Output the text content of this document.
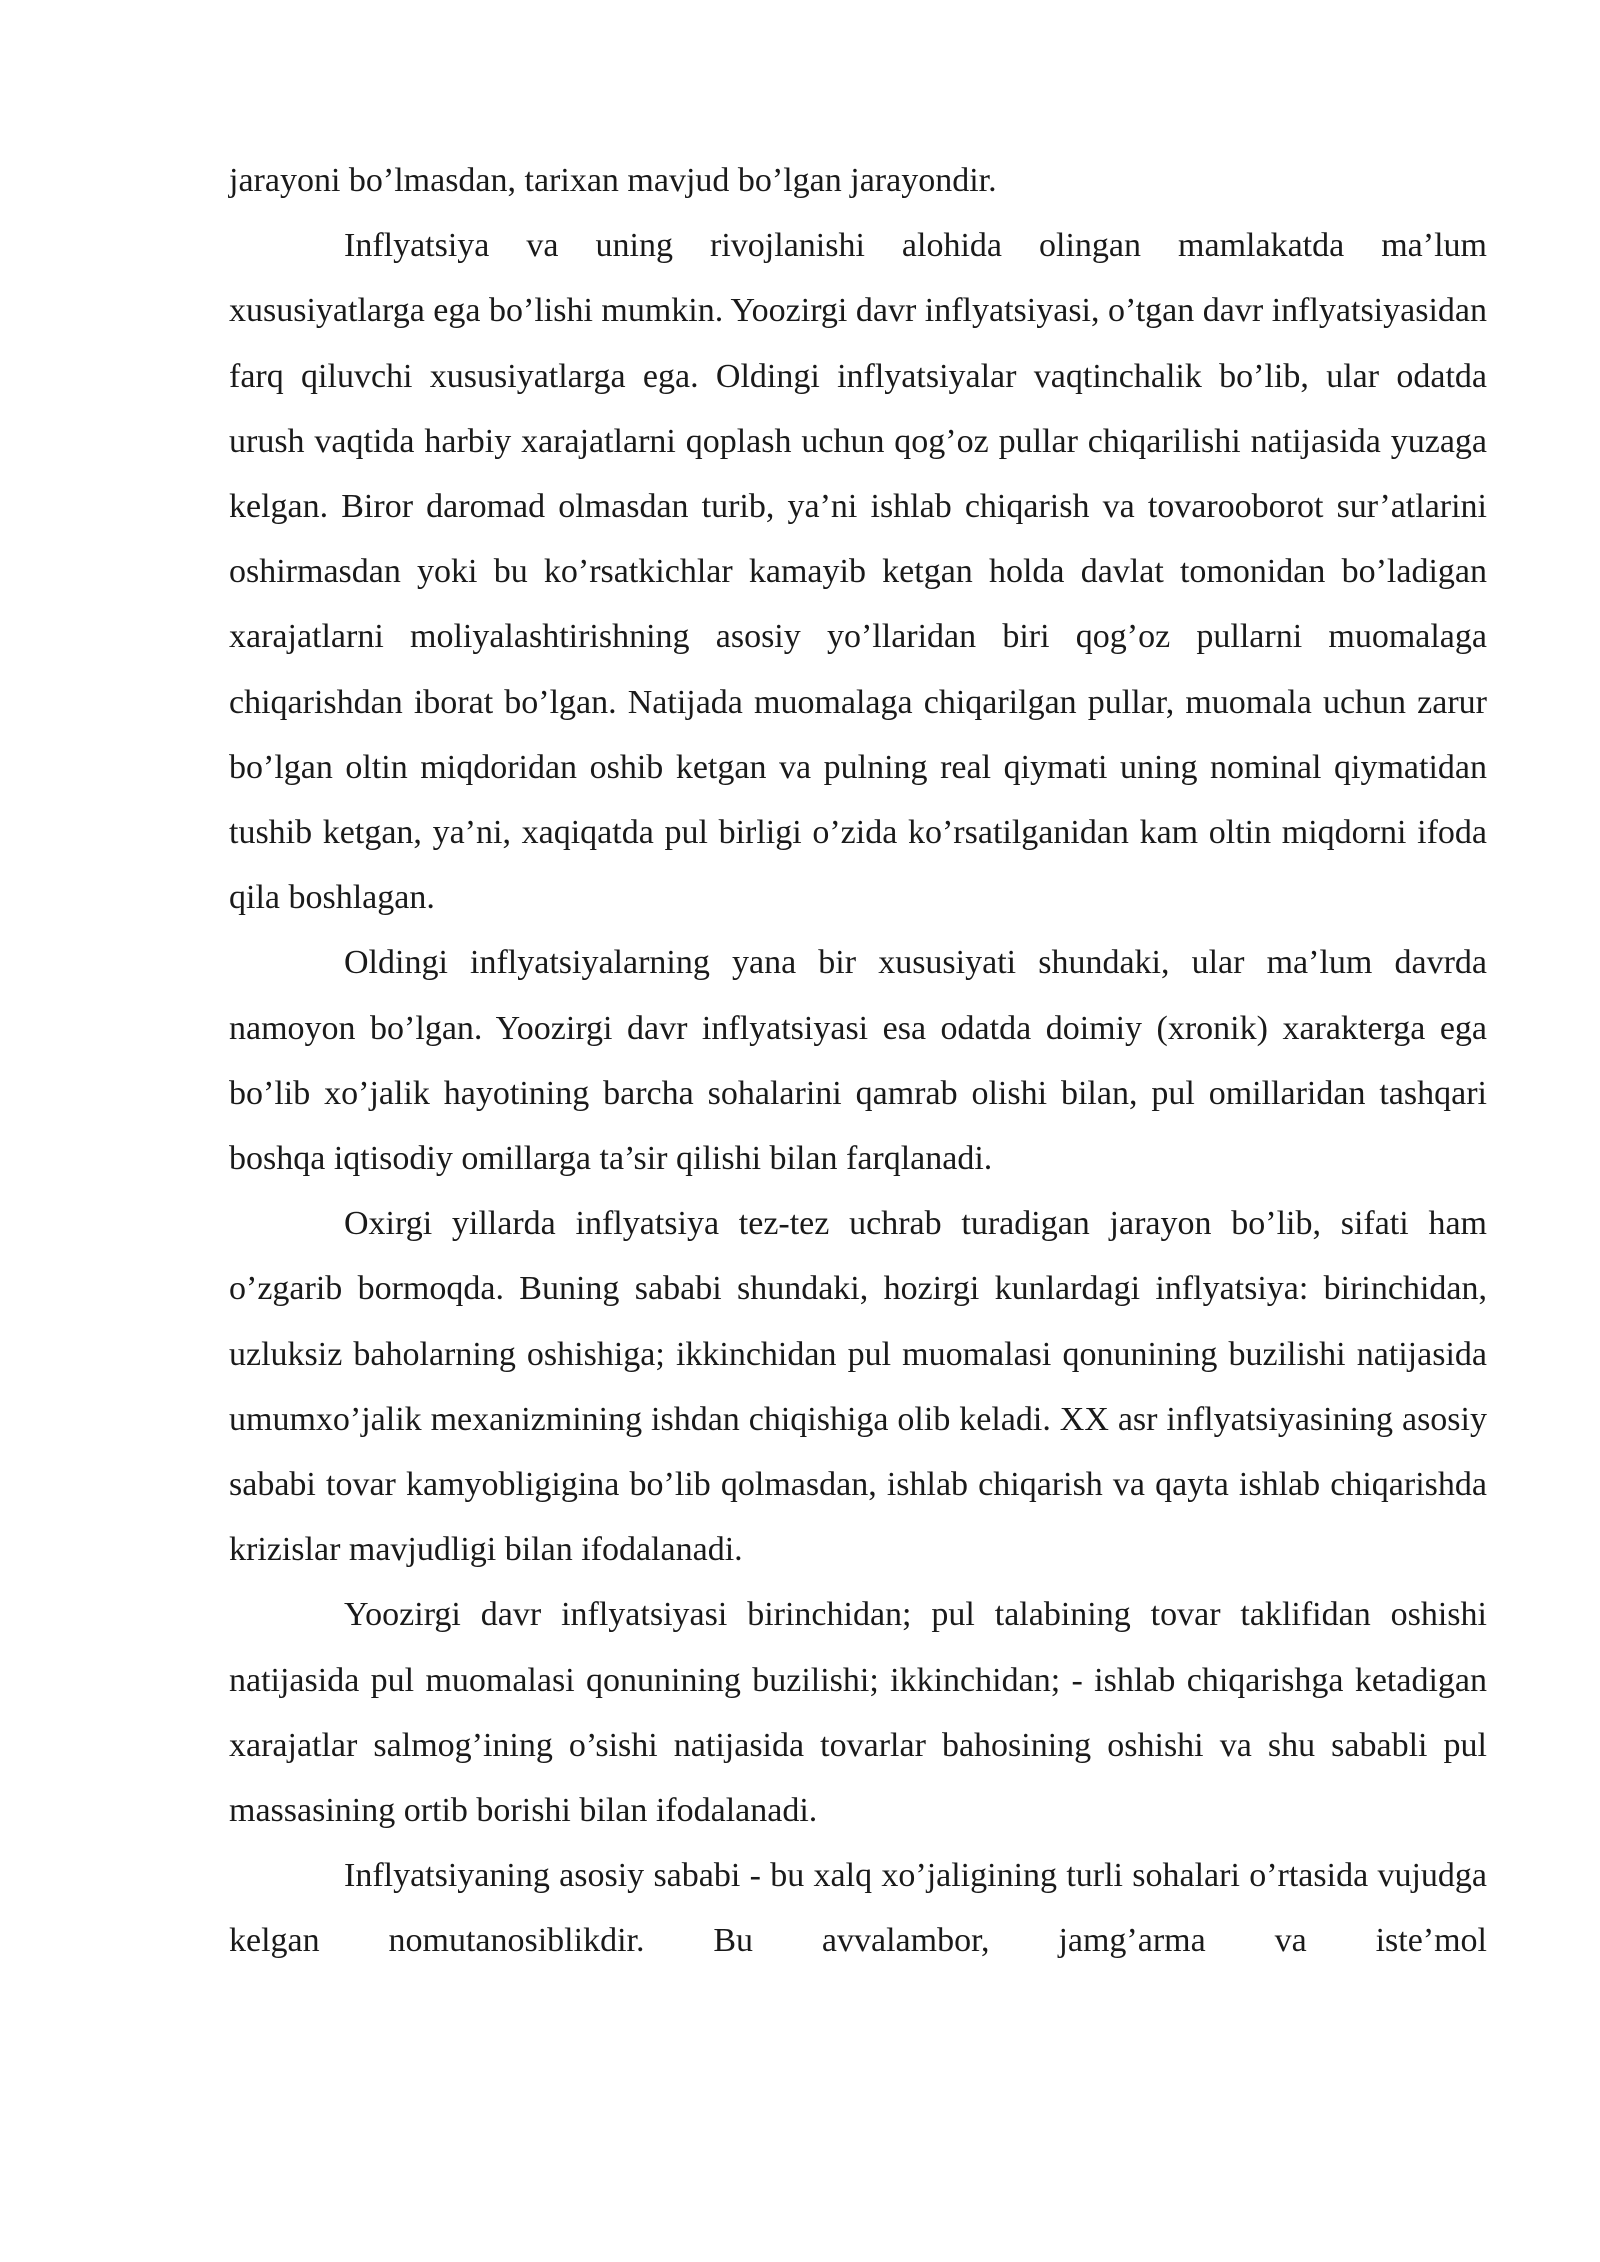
jarayoni bo’lmasdan, tarixan mavjud bo’lgan jarayondir.

Inflyatsiya va uning rivojlanishi alohida olingan mamlakatda ma’lum xususiyatlarga ega bo’lishi mumkin. Yoozirgi davr inflyatsiyasi, o’tgan davr inflyatsiyasidan farq qiluvchi xususiyatlarga ega. Oldingi inflyatsiyalar vaqtinchalik bo’lib, ular odatda urush vaqtida harbiy xarajatlarni qoplash uchun qog’oz pullar chiqarilishi natijasida yuzaga kelgan. Biror daromad olmasdan turib, ya’ni ishlab chiqarish va tovarooborot sur’atlarini oshirmasdan yoki bu ko’rsatkichlar kamayib ketgan holda davlat tomonidan bo’ladigan xarajatlarni moliyalashtirishning asosiy yo’llaridan biri qog’oz pullarni muomalaga chiqarishdan iborat bo’lgan. Natijada muomalaga chiqarilgan pullar, muomala uchun zarur bo’lgan oltin miqdoridan oshib ketgan va pulning real qiymati uning nominal qiymatidan tushib ketgan, ya’ni, xaqiqatda pul birligi o’zida ko’rsatilganidan kam oltin miqdorni ifoda qila boshlagan.

Oldingi inflyatsiyalarning yana bir xususiyati shundaki, ular ma’lum davrda namoyon bo’lgan. Yoozirgi davr inflyatsiyasi esa odatda doimiy (xronik) xarakterga ega bo’lib xo’jalik hayotining barcha sohalarini qamrab olishi bilan, pul omillaridan tashqari boshqa iqtisodiy omillarga ta’sir qilishi bilan farqlanadi.

Oxirgi yillarda inflyatsiya tez-tez uchrab turadigan jarayon bo’lib, sifati ham o’zgarib bormoqda. Buning sababi shundaki, hozirgi kunlardagi inflyatsiya: birinchidan, uzluksiz baholarning oshishiga; ikkinchidan pul muomalasi qonunining buzilishi natijasida umumxo’jalik mexanizmining ishdan chiqishiga olib keladi. XX asr inflyatsiyasining asosiy sababi tovar kamyobligigina bo’lib qolmasdan, ishlab chiqarish va qayta ishlab chiqarishda krizislar mavjudligi bilan ifodalanadi.

Yoozirgi davr inflyatsiyasi birinchidan; pul talabining tovar taklifidan oshishi natijasida pul muomalasi qonunining buzilishi; ikkinchidan; - ishlab chiqarishga ketadigan xarajatlar salmog’ining o’sishi natijasida tovarlar bahosining oshishi va shu sababli pul massasining ortib borishi bilan ifodalanadi.

Inflyatsiyaning asosiy sababi - bu xalq xo’jaligining turli sohalari o’rtasida vujudga kelgan nomutanosiblikdir. Bu avvalambor, jamg’arma va iste’mol
